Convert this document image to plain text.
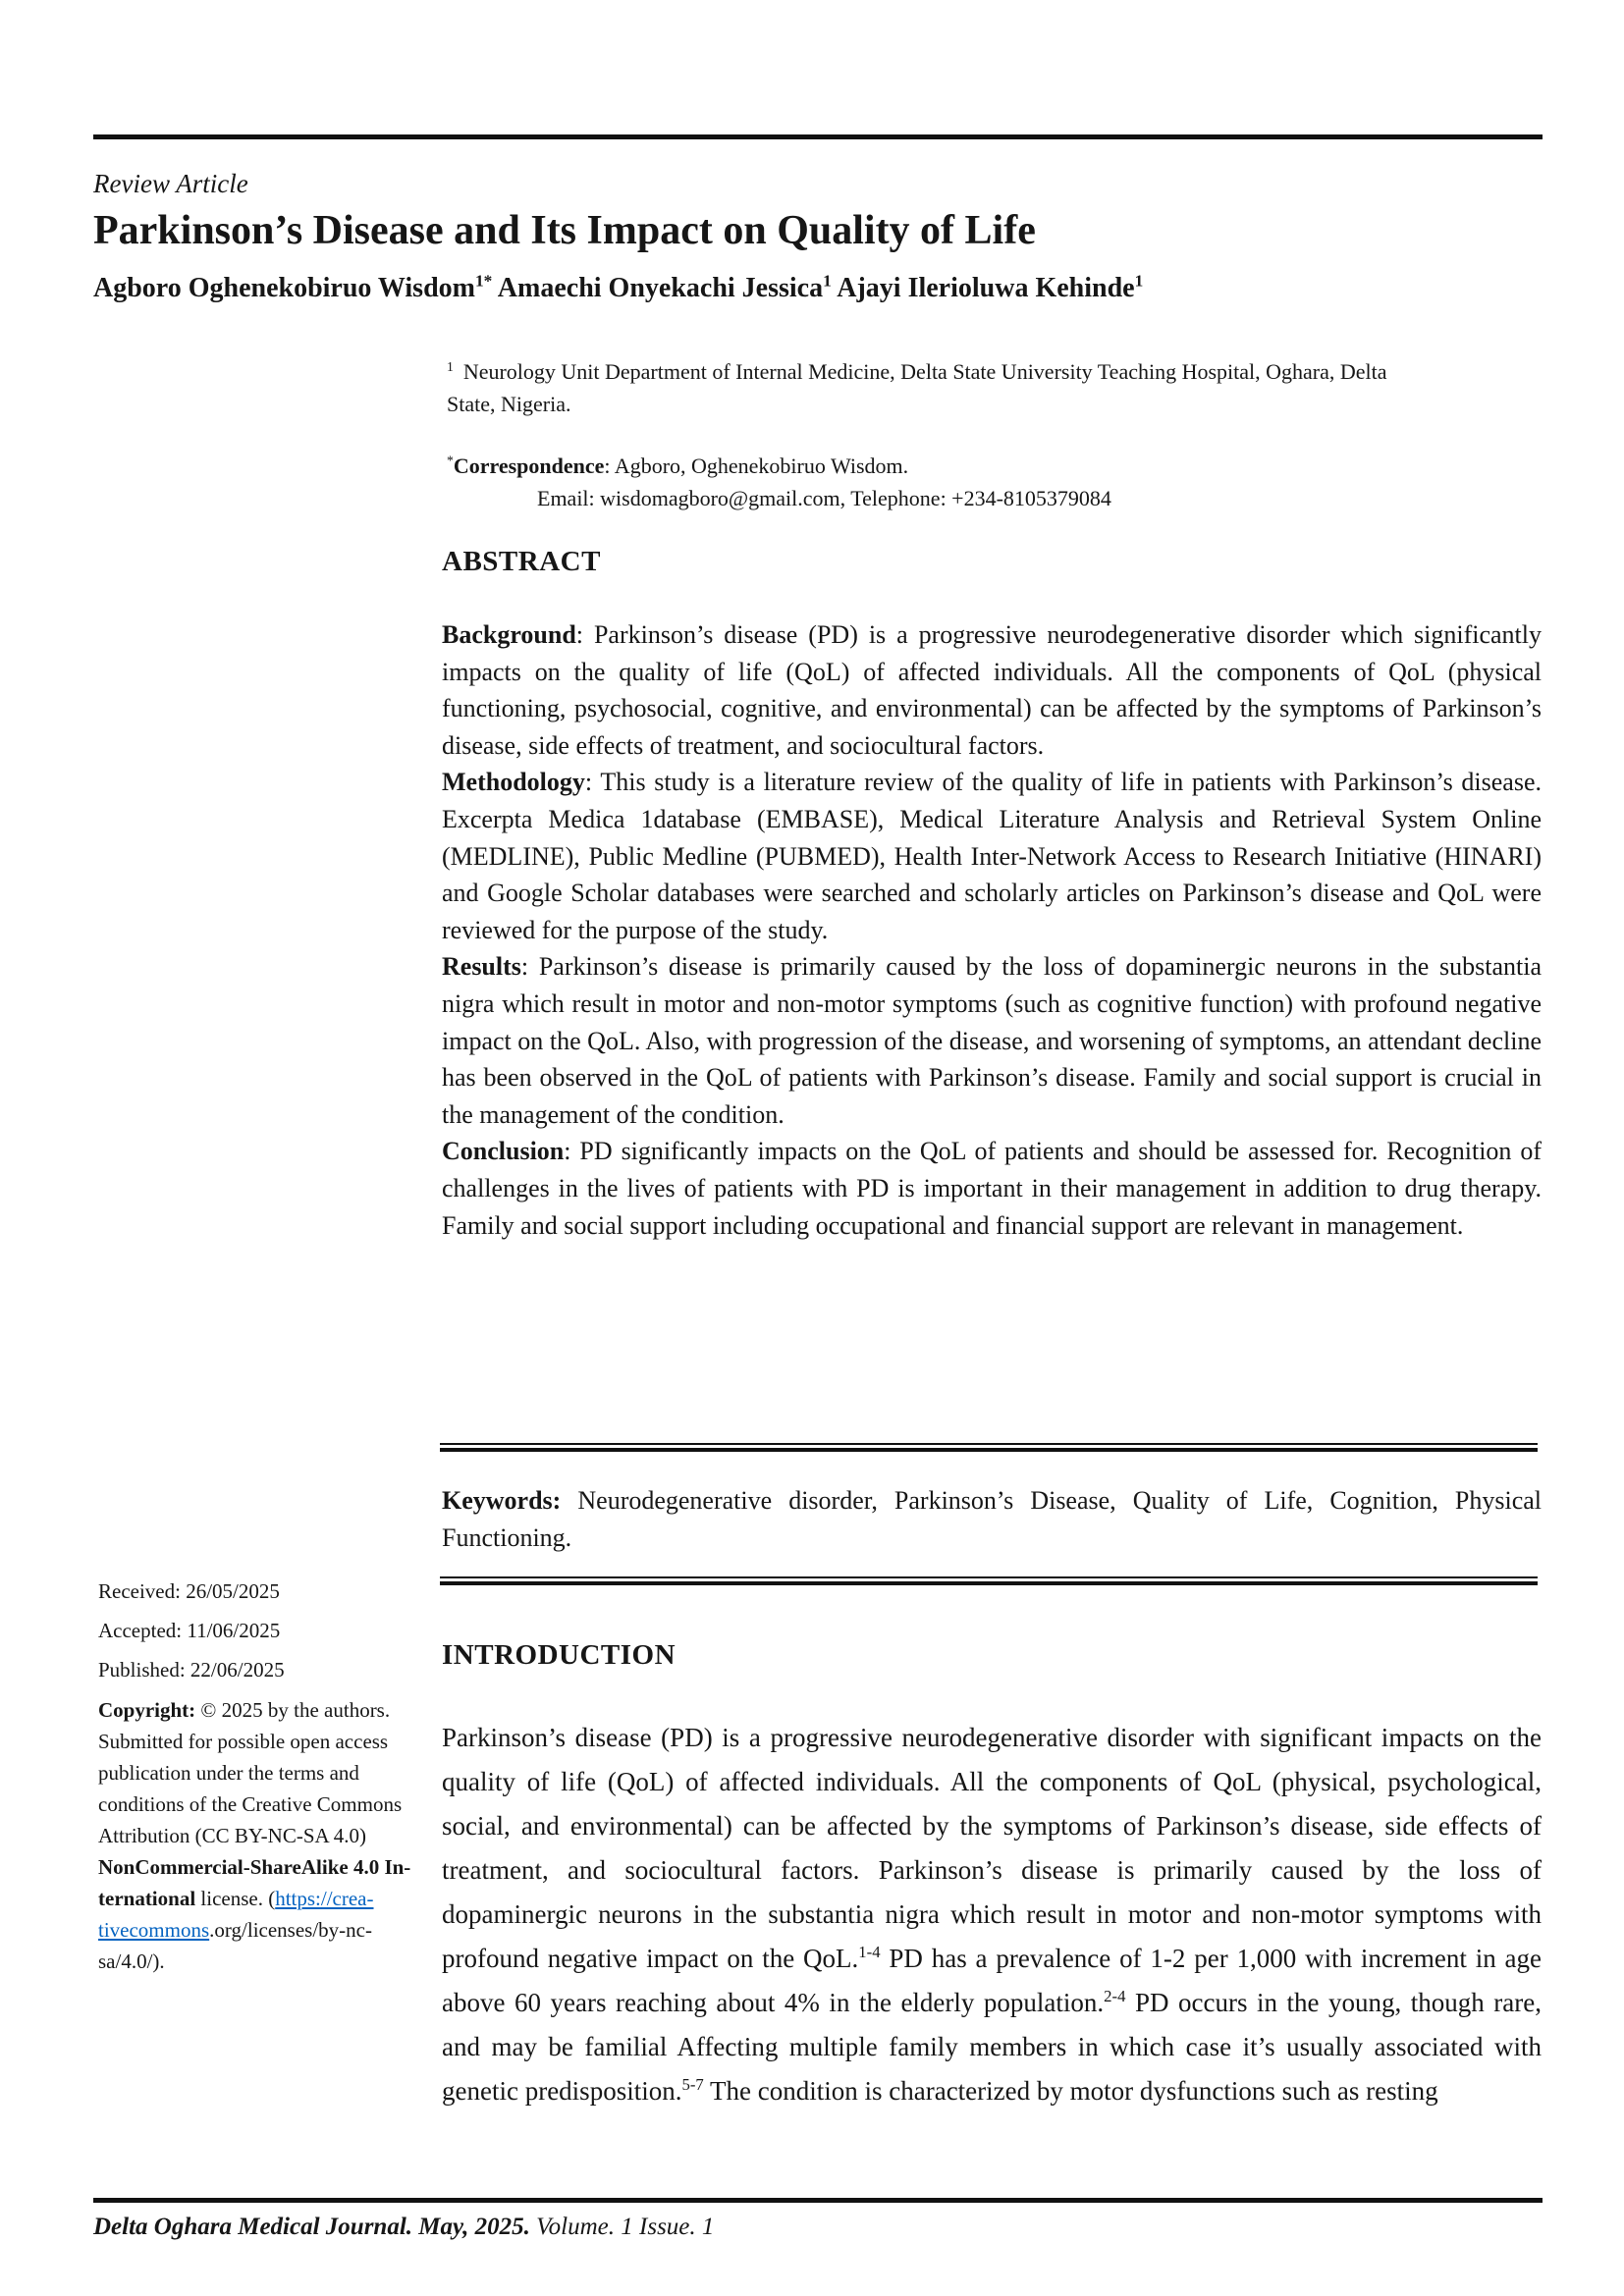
Review Article
Parkinson’s Disease and Its Impact on Quality of Life
Agboro Oghenekobiruo Wisdom$^{1*}$ Amaechi Onyekachi Jessica$^1$ Ajayi Ilerioluwa Kehinde$^1$
$^1$ Neurology Unit Department of Internal Medicine, Delta State University Teaching Hospital, Oghara, Delta State, Nigeria.
*Correspondence: Agboro, Oghenekobiruo Wisdom.
Email: wisdomagboro@gmail.com, Telephone: +234-8105379084
ABSTRACT

Background: Parkinson’s disease (PD) is a progressive neurodegenerative disorder which significantly impacts on the quality of life (QoL) of affected individuals. All the components of QoL (physical functioning, psychosocial, cognitive, and environmental) can be affected by the symptoms of Parkinson’s disease, side effects of treatment, and sociocultural factors.

Methodology: This study is a literature review of the quality of life in patients with Parkinson’s disease. Excerpta Medica 1database (EMBASE), Medical Literature Analysis and Retrieval System Online (MEDLINE), Public Medline (PUBMED), Health Inter-Network Access to Research Initiative (HINARI) and Google Scholar databases were searched and scholarly articles on Parkinson’s disease and QoL were reviewed for the purpose of the study.

Results: Parkinson’s disease is primarily caused by the loss of dopaminergic neurons in the substantia nigra which result in motor and non-motor symptoms (such as cognitive function) with profound negative impact on the QoL. Also, with progression of the disease, and worsening of symptoms, an attendant decline has been observed in the QoL of patients with Parkinson’s disease. Family and social support is crucial in the management of the condition.

Conclusion: PD significantly impacts on the QoL of patients and should be assessed for. Recognition of challenges in the lives of patients with PD is important in their management in addition to drug therapy. Family and social support including occupational and financial support are relevant in management.

Keywords: Neurodegenerative disorder, Parkinson’s Disease, Quality of Life, Cognition, Physical Functioning.
Received: 26/05/2025
Accepted: 11/06/2025
Published: 22/06/2025
Copyright: © 2025 by the authors.
Submitted for possible open access
publication under the terms and
conditions of the Creative Commons
Attribution (CC BY-NC-SA 4.0)
NonCommercial-ShareAlike 4.0 In-
ternational license. (https://crea-
tivecommons.org/licenses/by-nc-
sa/4.0/).
INTRODUCTION

Parkinson’s disease (PD) is a progressive neurodegenerative disorder with significant impacts on the quality of life (QoL) of affected individuals. All the components of QoL (physical, psychological, social, and environmental) can be affected by the symptoms of Parkinson’s disease, side effects of treatment, and sociocultural factors. Parkinson’s disease is primarily caused by the loss of dopaminergic neurons in the substantia nigra which result in motor and non-motor symptoms with profound negative impact on the QoL.$^{1-4}$ PD has a prevalence of 1-2 per 1,000 with increment in age above 60 years reaching about 4% in the elderly population.$^{2-4}$ PD occurs in the young, though rare, and may be familial Affecting multiple family members in which case it’s usually associated with genetic predisposition.$^{5-7}$ The condition is characterized by motor dysfunctions such as resting

Delta Oghara Medical Journal. May, 2025. Volume. 1 Issue. 1
